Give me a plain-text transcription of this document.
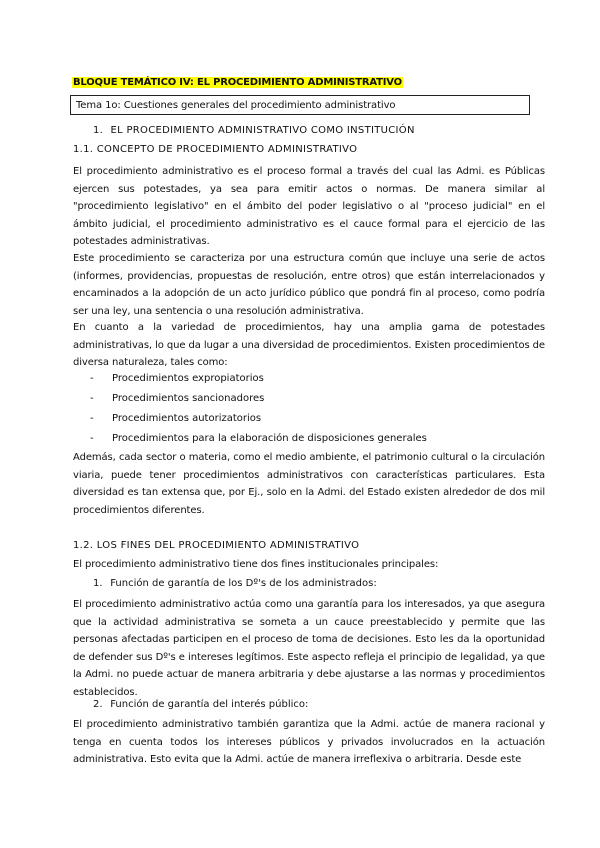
BLOQUE TEMÁTICO IV: EL PROCEDIMIENTO ADMINISTRATIVO
Tema 1o: Cuestiones generales del procedimiento administrativo
1. EL PROCEDIMIENTO ADMINISTRATIVO COMO INSTITUCIÓN
1.1. CONCEPTO DE PROCEDIMIENTO ADMINISTRATIVO
El procedimiento administrativo es el proceso formal a través del cual las Admi. es Públicas ejercen sus potestades, ya sea para emitir actos o normas. De manera similar al "procedimiento legislativo" en el ámbito del poder legislativo o al "proceso judicial" en el ámbito judicial, el procedimiento administrativo es el cauce formal para el ejercicio de las potestades administrativas.
Este procedimiento se caracteriza por una estructura común que incluye una serie de actos (informes, providencias, propuestas de resolución, entre otros) que están interrelacionados y encaminados a la adopción de un acto jurídico público que pondrá fin al proceso, como podría ser una ley, una sentencia o una resolución administrativa.
En cuanto a la variedad de procedimientos, hay una amplia gama de potestades administrativas, lo que da lugar a una diversidad de procedimientos. Existen procedimientos de diversa naturaleza, tales como:
- Procedimientos expropiatorios
- Procedimientos sancionadores
- Procedimientos autorizatorios
- Procedimientos para la elaboración de disposiciones generales
Además, cada sector o materia, como el medio ambiente, el patrimonio cultural o la circulación viaria, puede tener procedimientos administrativos con características particulares. Esta diversidad es tan extensa que, por Ej., solo en la Admi. del Estado existen alrededor de dos mil procedimientos diferentes.
1.2. LOS FINES DEL PROCEDIMIENTO ADMINISTRATIVO
El procedimiento administrativo tiene dos fines institucionales principales:
1. Función de garantía de los Dº's de los administrados:
El procedimiento administrativo actúa como una garantía para los interesados, ya que asegura que la actividad administrativa se someta a un cauce preestablecido y permite que las personas afectadas participen en el proceso de toma de decisiones. Esto les da la oportunidad de defender sus Dº's e intereses legítimos. Este aspecto refleja el principio de legalidad, ya que la Admi. no puede actuar de manera arbitraria y debe ajustarse a las normas y procedimientos establecidos.
2. Función de garantía del interés público:
El procedimiento administrativo también garantiza que la Admi. actúe de manera racional y tenga en cuenta todos los intereses públicos y privados involucrados en la actuación administrativa. Esto evita que la Admi. actúe de manera irreflexiva o arbitraria. Desde este
